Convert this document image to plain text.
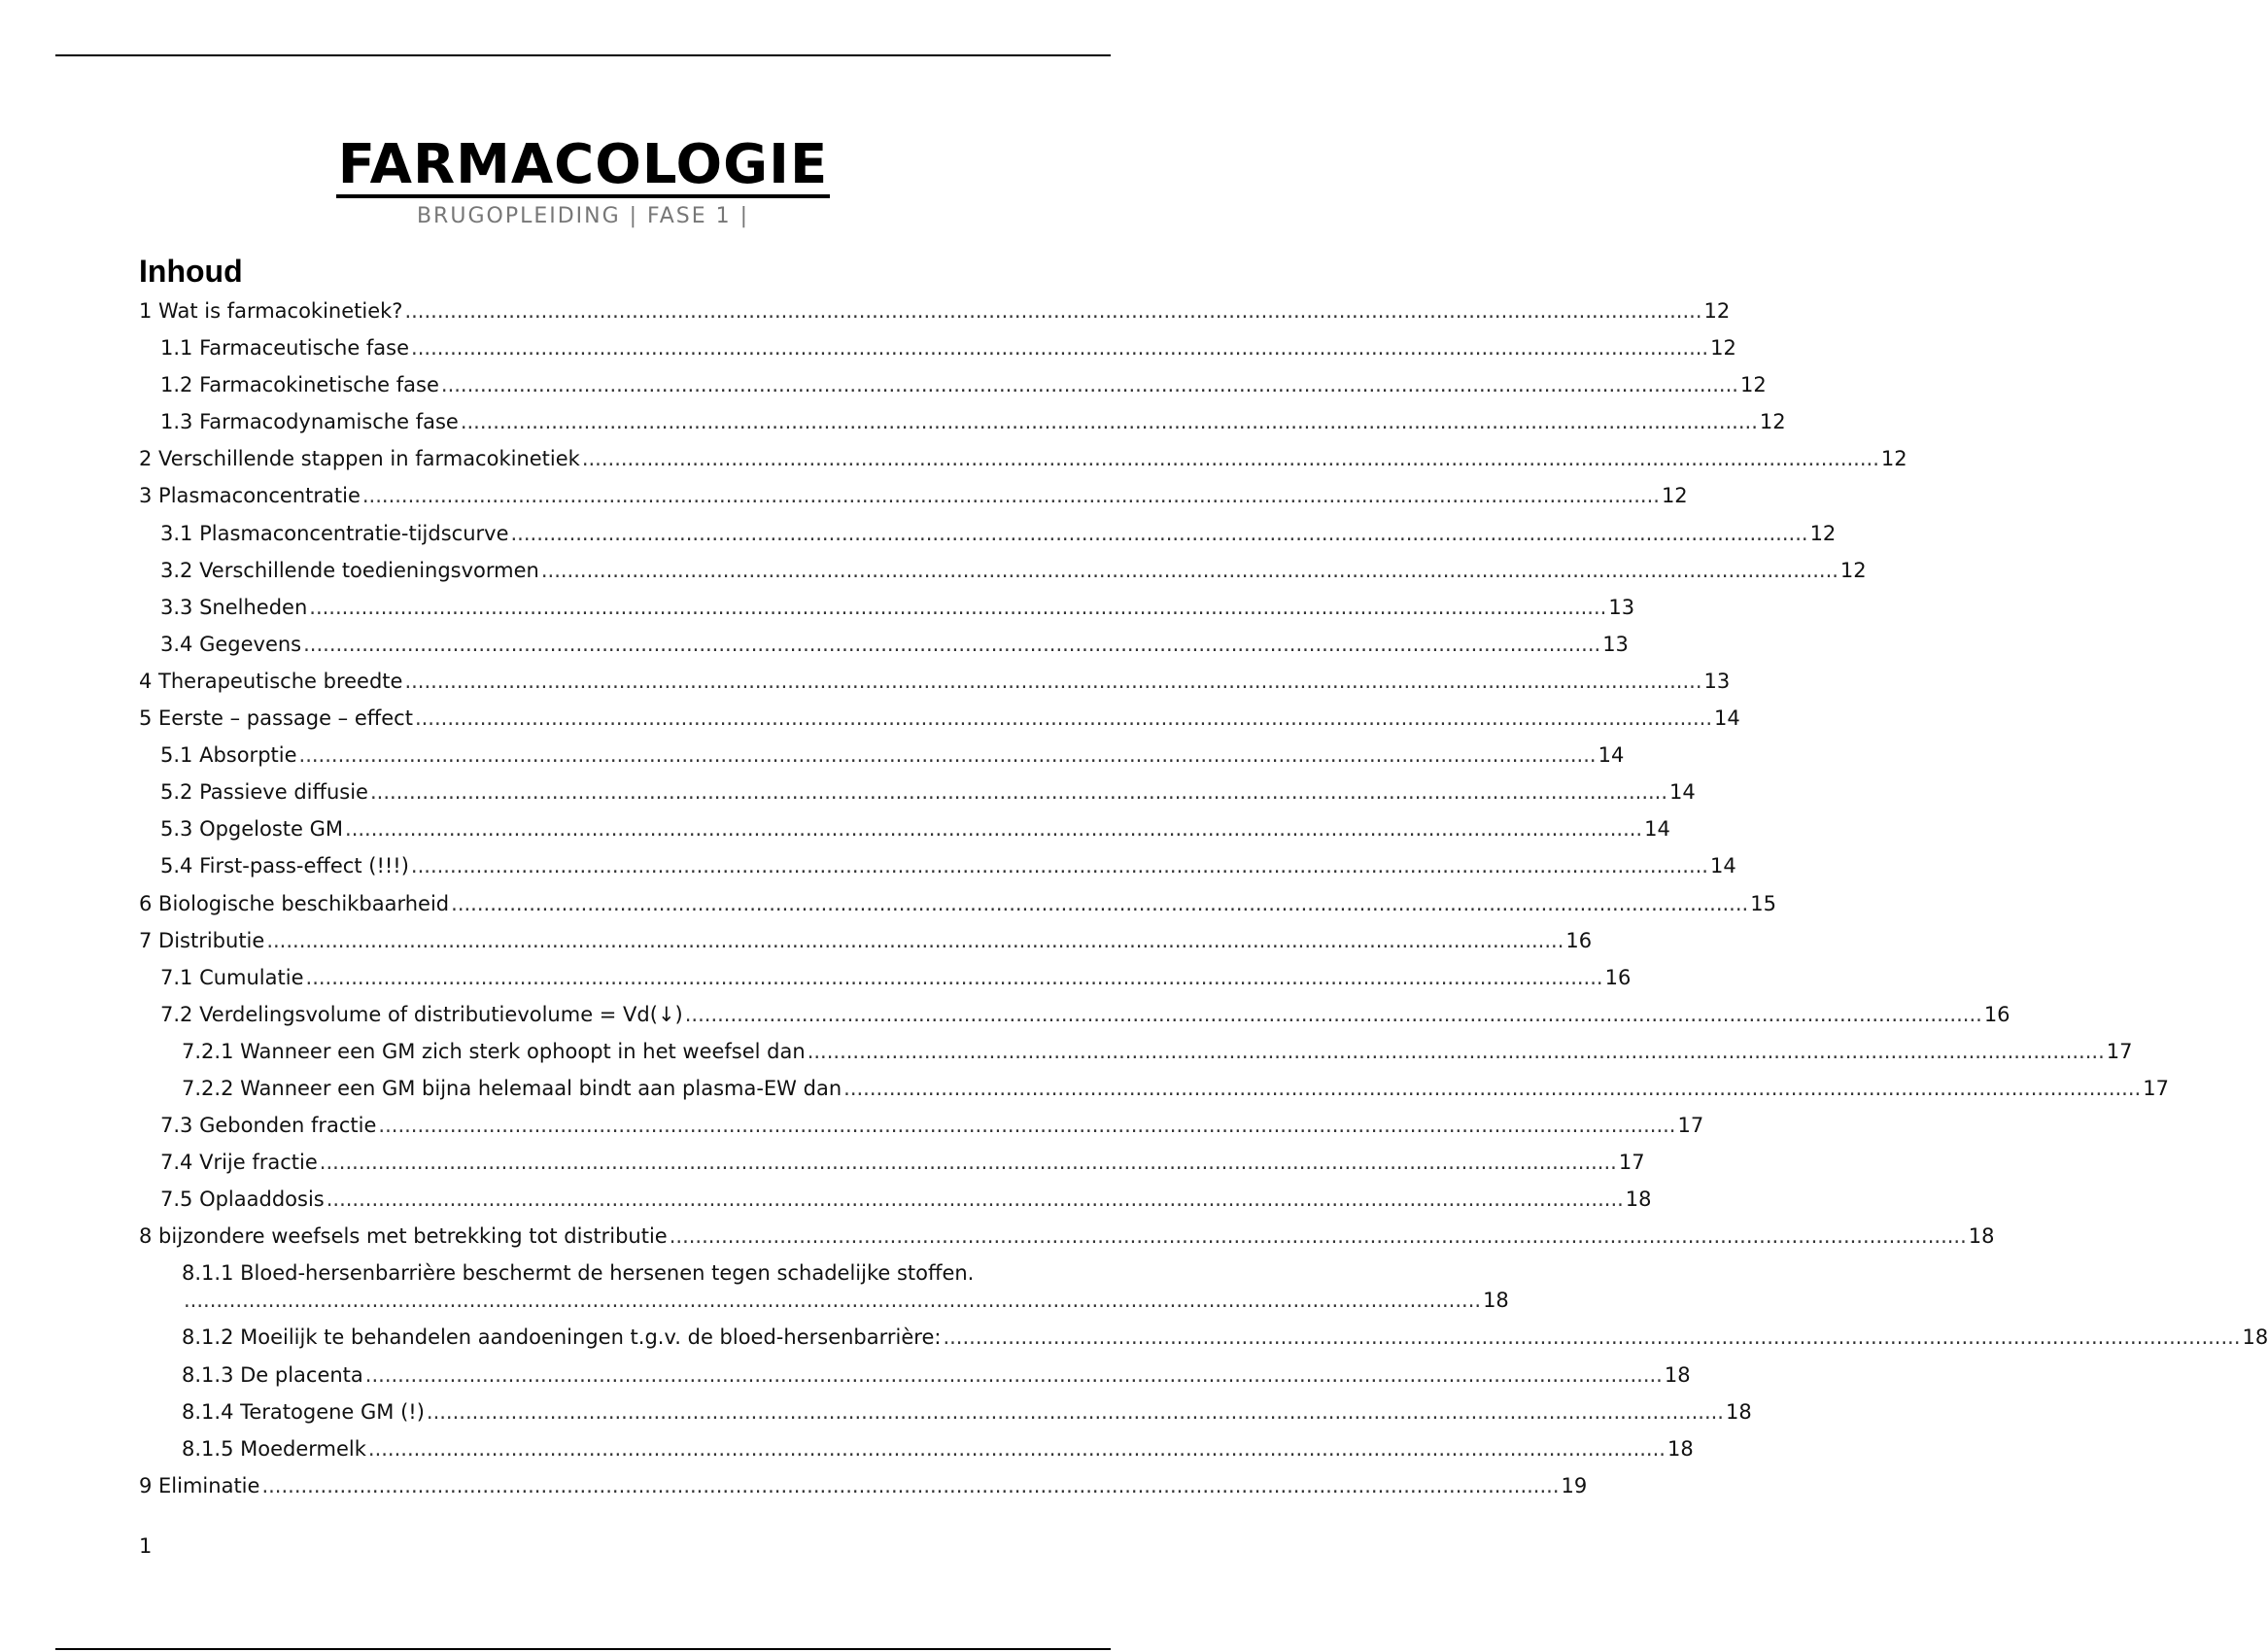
FARMACOLOGIE
BRUGOPLEIDING | FASE 1 |
Inhoud
1 Wat is farmacokinetiek? ........................................................................................................................................................................................................ 12
1.1 Farmaceutische fase ........................................................................................................................................................................................................ 12
1.2 Farmacokinetische fase ........................................................................................................................................................................................................ 12
1.3 Farmacodynamische fase ........................................................................................................................................................................................................ 12
2 Verschillende stappen in farmacokinetiek ........................................................................................................................................................................................................ 12
3 Plasmaconcentratie ........................................................................................................................................................................................................ 12
3.1 Plasmaconcentratie-tijdscurve ........................................................................................................................................................................................................ 12
3.2 Verschillende toedieningsvormen ........................................................................................................................................................................................................ 12
3.3 Snelheden ........................................................................................................................................................................................................ 13
3.4 Gegevens ........................................................................................................................................................................................................ 13
4 Therapeutische breedte ........................................................................................................................................................................................................ 13
5 Eerste – passage – effect ........................................................................................................................................................................................................ 14
5.1 Absorptie ........................................................................................................................................................................................................ 14
5.2 Passieve diffusie ........................................................................................................................................................................................................ 14
5.3 Opgeloste GM ........................................................................................................................................................................................................ 14
5.4 First-pass-effect (!!!) ........................................................................................................................................................................................................ 14
6 Biologische beschikbaarheid ........................................................................................................................................................................................................ 15
7 Distributie ........................................................................................................................................................................................................ 16
7.1 Cumulatie ........................................................................................................................................................................................................ 16
7.2 Verdelingsvolume of distributievolume = Vd(↓) ........................................................................................................................................................................................................ 16
7.2.1 Wanneer een GM zich sterk ophoopt in het weefsel dan ........................................................................................................................................................................................................ 17
7.2.2 Wanneer een GM bijna helemaal bindt aan plasma-EW dan ........................................................................................................................................................................................................ 17
7.3 Gebonden fractie ........................................................................................................................................................................................................ 17
7.4 Vrije fractie ........................................................................................................................................................................................................ 17
7.5 Oplaaddosis ........................................................................................................................................................................................................ 18
8 bijzondere weefsels met betrekking tot distributie ........................................................................................................................................................................................................ 18
8.1.1 Bloed-hersenbarrière beschermt de hersenen tegen schadelijke stoffen.
........................................................................................................................................................................................................ 18
8.1.2 Moeilijk te behandelen aandoeningen t.g.v. de bloed-hersenbarrière: ........................................................................................................................................................................................................ 18
8.1.3 De placenta ........................................................................................................................................................................................................ 18
8.1.4 Teratogene GM (!) ........................................................................................................................................................................................................ 18
8.1.5 Moedermelk ........................................................................................................................................................................................................ 18
9 Eliminatie ........................................................................................................................................................................................................ 19
1
